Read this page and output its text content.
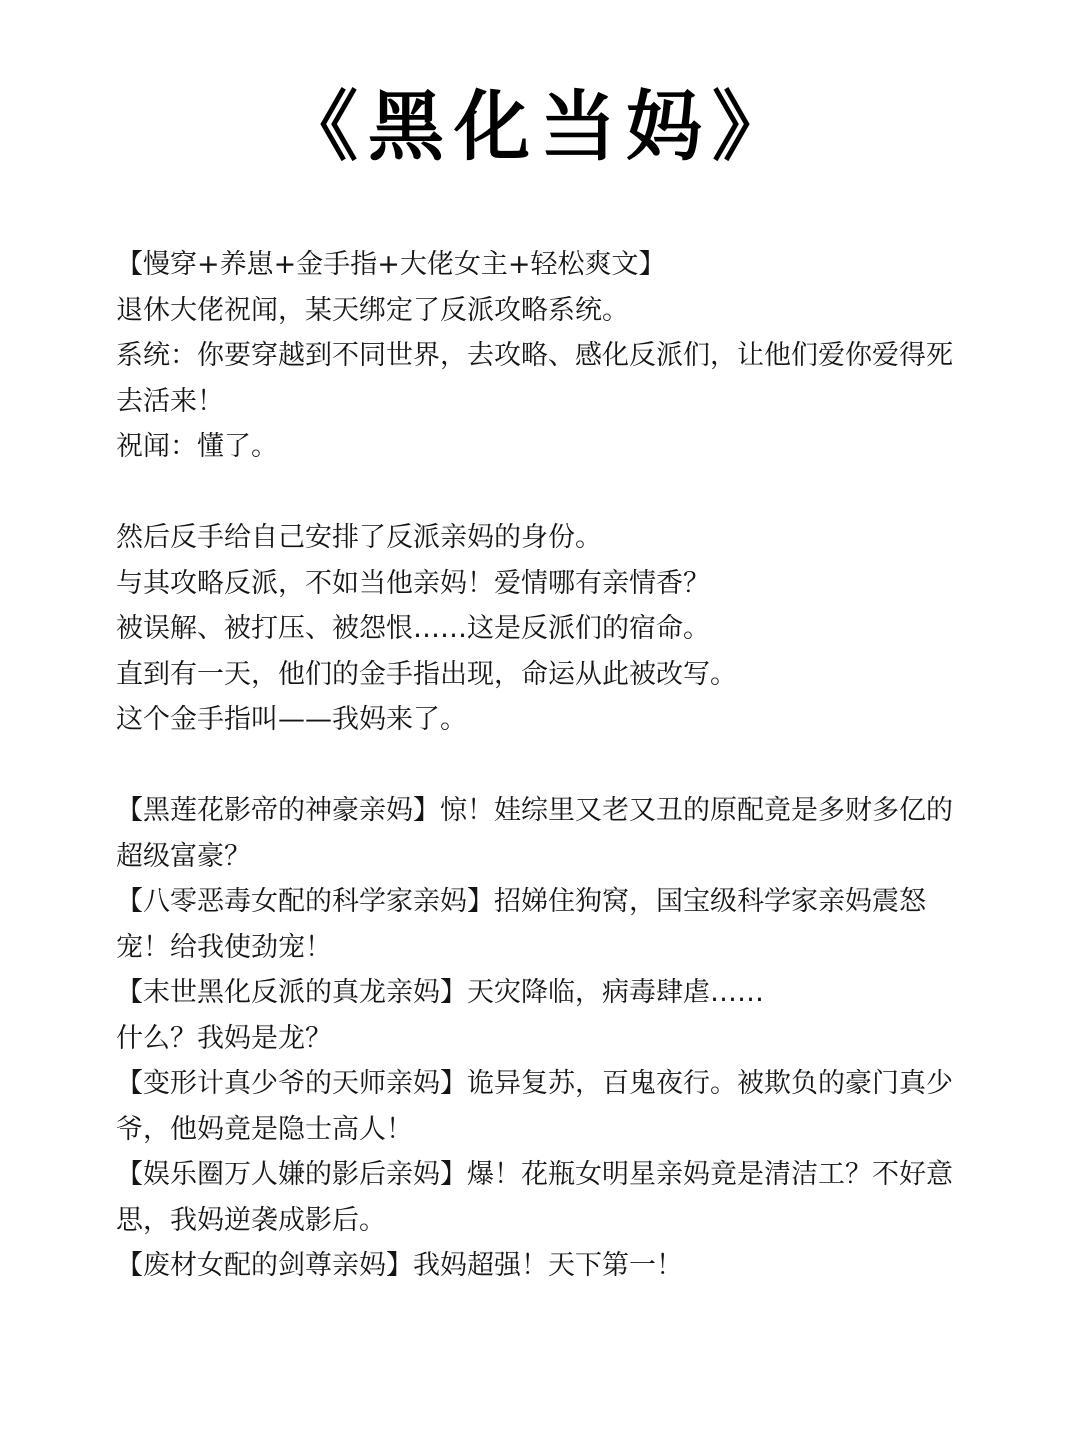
《黑化当妈》

【慢穿+养崽+金手指+大佬女主+轻松爽文】

退休大佬祝闻，某天绑定了反派攻略系统。

系统：你要穿越到不同世界，去攻略、感化反派们，让他们爱你爱得死去活来！

祝闻：懂了。

然后反手给自己安排了反派亲妈的身份。

与其攻略反派，不如当他亲妈！爱情哪有亲情香？

被误解、被打压、被怨恨……这是反派们的宿命。

直到有一天，他们的金手指出现，命运从此被改写。

这个金手指叫——我妈来了。

【黑莲花影帝的神豪亲妈】惊！娃综里又老又丑的原配竟是多财多亿的超级富豪？

【八零恶毒女配的科学家亲妈】招娣住狗窝，国宝级科学家亲妈震怒宠！给我使劲宠！

【末世黑化反派的真龙亲妈】天灾降临，病毒肆虐……

什么？我妈是龙？

【变形计真少爷的天师亲妈】诡异复苏，百鬼夜行。被欺负的豪门真少爷，他妈竟是隐士高人！

【娱乐圈万人嫌的影后亲妈】爆！花瓶女明星亲妈竟是清洁工？不好意思，我妈逆袭成影后。

【废材女配的剑尊亲妈】我妈超强！天下第一！
